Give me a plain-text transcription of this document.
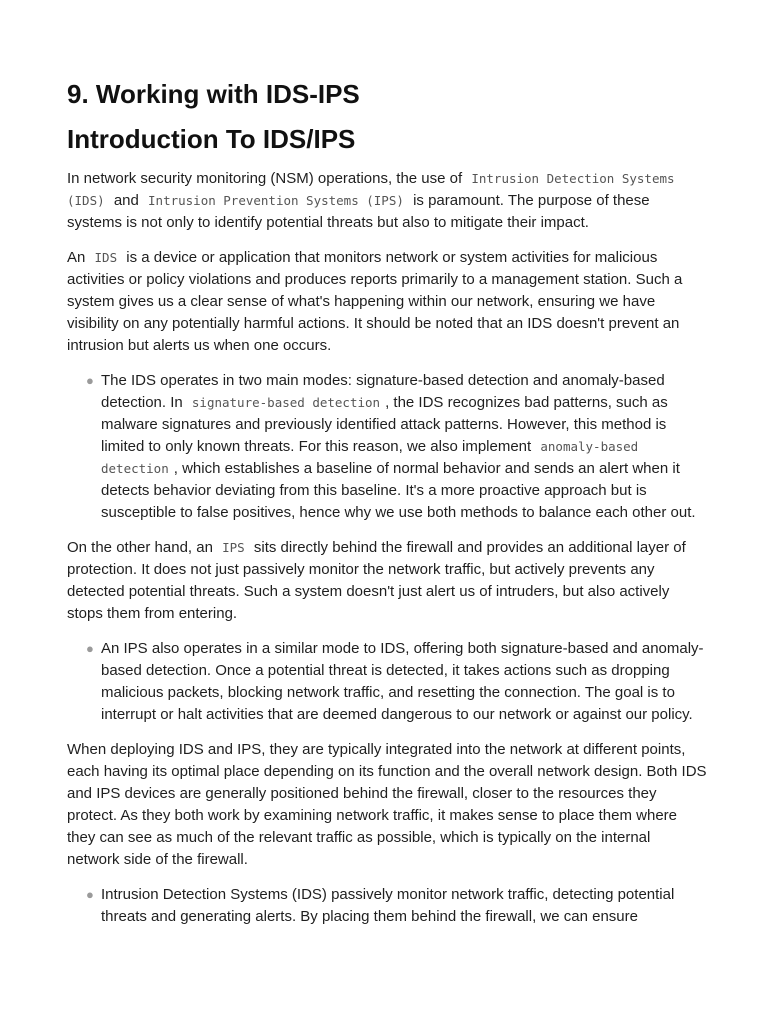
9. Working with IDS-IPS
Introduction To IDS/IPS

In network security monitoring (NSM) operations, the use of Intrusion Detection Systems (IDS) and Intrusion Prevention Systems (IPS) is paramount. The purpose of these systems is not only to identify potential threats but also to mitigate their impact.

An IDS is a device or application that monitors network or system activities for malicious activities or policy violations and produces reports primarily to a management station. Such a system gives us a clear sense of what's happening within our network, ensuring we have visibility on any potentially harmful actions. It should be noted that an IDS doesn't prevent an intrusion but alerts us when one occurs.

● The IDS operates in two main modes: signature-based detection and anomaly-based detection. In signature-based detection , the IDS recognizes bad patterns, such as malware signatures and previously identified attack patterns. However, this method is limited to only known threats. For this reason, we also implement anomaly-based detection , which establishes a baseline of normal behavior and sends an alert when it detects behavior deviating from this baseline. It's a more proactive approach but is susceptible to false positives, hence why we use both methods to balance each other out.

On the other hand, an IPS sits directly behind the firewall and provides an additional layer of protection. It does not just passively monitor the network traffic, but actively prevents any detected potential threats. Such a system doesn't just alert us of intruders, but also actively stops them from entering.

● An IPS also operates in a similar mode to IDS, offering both signature-based and anomaly-based detection. Once a potential threat is detected, it takes actions such as dropping malicious packets, blocking network traffic, and resetting the connection. The goal is to interrupt or halt activities that are deemed dangerous to our network or against our policy.

When deploying IDS and IPS, they are typically integrated into the network at different points, each having its optimal place depending on its function and the overall network design. Both IDS and IPS devices are generally positioned behind the firewall, closer to the resources they protect. As they both work by examining network traffic, it makes sense to place them where they can see as much of the relevant traffic as possible, which is typically on the internal network side of the firewall.

● Intrusion Detection Systems (IDS) passively monitor network traffic, detecting potential threats and generating alerts. By placing them behind the firewall, we can ensure
